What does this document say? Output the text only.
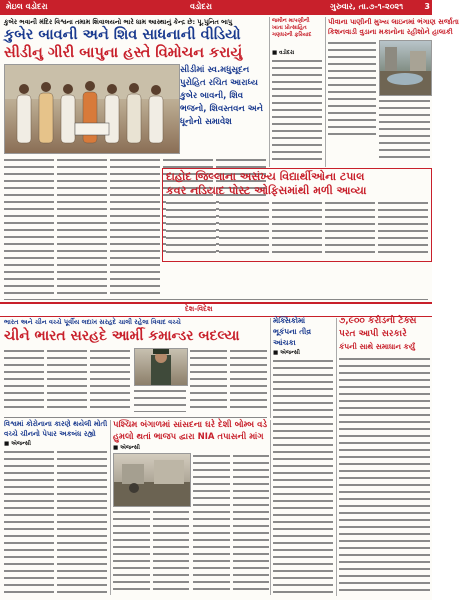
મેઇલ વડોદરા	વડોદરા	ગુરુવાર, તા.૭-૧-૨૦૨૧	3
કુબેર ભવાની મંદિર વિશ્વના તમામ શિવાલયનો ભારે ધામ આસ્થાનું કેન્દ્ર છે: પૂ.પુનિત બાપુ
કુબેર બાવની અને શિવ સાધનાની વીડિયો
સીડીનુ ગીરી બાપુના હસ્તે વિમોચન કરાયું
સીડીમાં સ્વ.મધુસૂદન પુરોહિત રચિત આરાધ્ય કુબેર બાવની, શિવ ભજનો, શિવસ્તવન અને ધૂનોનો સમાવેશ
જમીન માપણીની ખાતા પ્રોત્સાહિત ગણધરની ફરિયાદ
■ વડોદરા
પીવાના પાણીની મુખ્ય લાઇનમાં ભંગાણ સર્જાતા
કિશનવાડી વુડાના મકાનોના રહીશોને હાલાકી
દાહોદ જિલ્લાના અસંખ્ય વિદ્યાર્થીઓના ટપાલ
કવર નડિયાદ પોસ્ટ ઓફિસમાંથી મળી આવ્યા
દેશ-વિદેશ
ભારત અને ચીન વચ્ચે પૂર્વીય લદાખ સરહદે ચાલી રહેલા વિવાદ વચ્ચે
ચીને ભારત સરહદે આર્મી કમાન્ડર બદલ્યા
મેક્સિકોમાં
ભૂકંપના તીવ્ર
આંચકા
■ એજન્સી
૭,૯૦૦ કરોડનો ટેક્સ
પરત આપી સરકારે
કંપની સાથે સમાધાન કર્યું
વિશ્વમાં કોરોનાના કારણે થયેલી મોતી
વચ્ચે ચીનનો પેપાર અકબંધ રહ્યો
■ એજન્સી
પશ્ચિમ બંગાળમાં સાંસદના ઘરે દેશી બોમ્બ વડે
હુમલો થતાં ભાજપ દ્વારા NIA તપાસની માંગ
■ એજન્સી
